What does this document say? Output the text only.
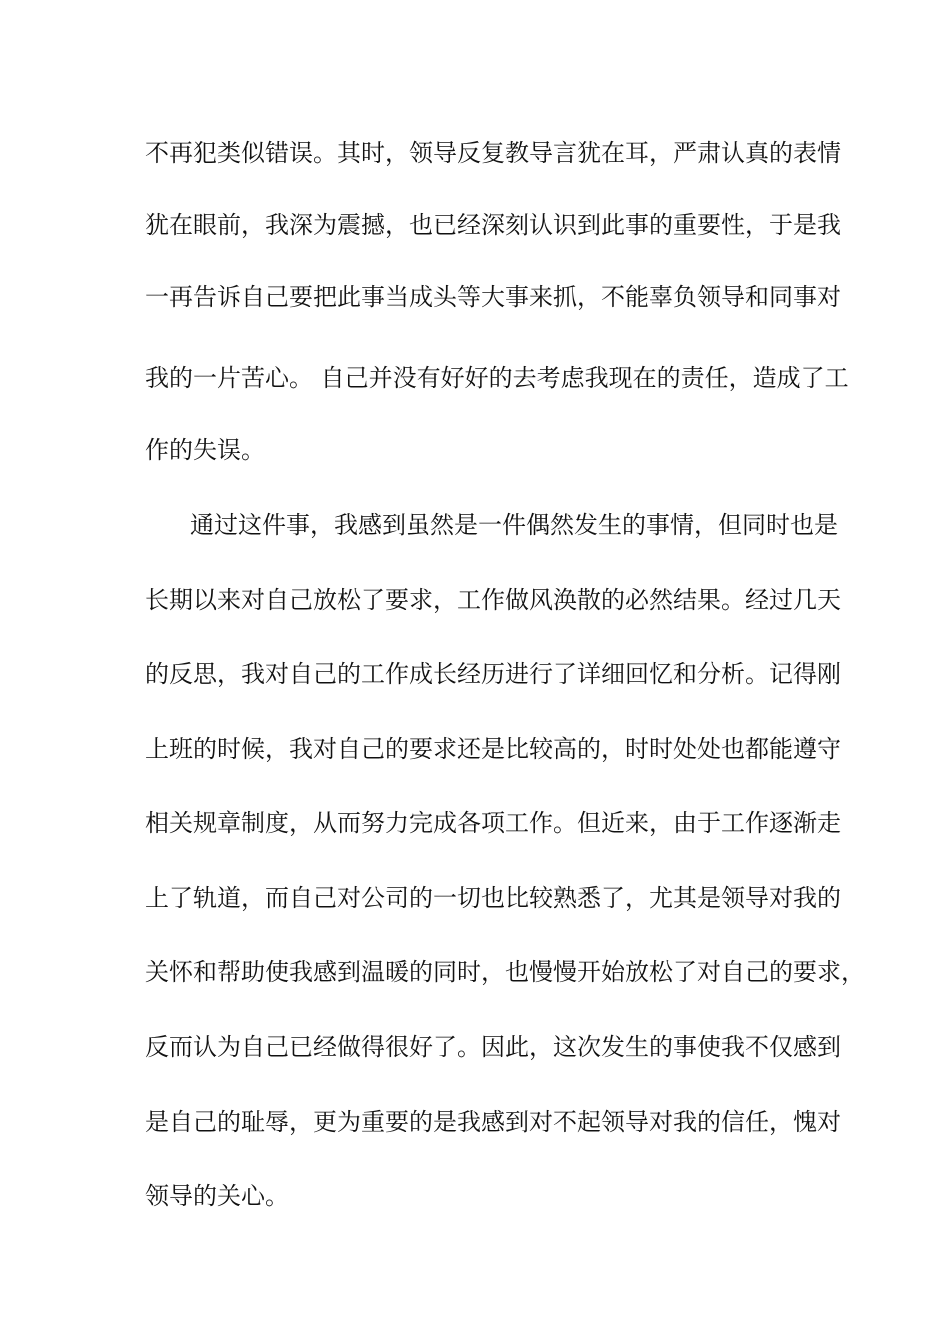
不再犯类似错误。其时，领导反复教导言犹在耳，严肃认真的表情

犹在眼前，我深为震撼，也已经深刻认识到此事的重要性，于是我

一再告诉自己要把此事当成头等大事来抓，不能辜负领导和同事对

我的一片苦心。 自己并没有好好的去考虑我现在的责任，造成了工

作的失误。

通过这件事，我感到虽然是一件偶然发生的事情，但同时也是

长期以来对自己放松了要求，工作做风涣散的必然结果。经过几天

的反思，我对自己的工作成长经历进行了详细回忆和分析。记得刚

上班的时候，我对自己的要求还是比较高的，时时处处也都能遵守

相关规章制度，从而努力完成各项工作。但近来，由于工作逐渐走

上了轨道，而自己对公司的一切也比较熟悉了，尤其是领导对我的

关怀和帮助使我感到温暖的同时，也慢慢开始放松了对自己的要求，

反而认为自己已经做得很好了。因此，这次发生的事使我不仅感到

是自己的耻辱，更为重要的是我感到对不起领导对我的信任，愧对

领导的关心。
